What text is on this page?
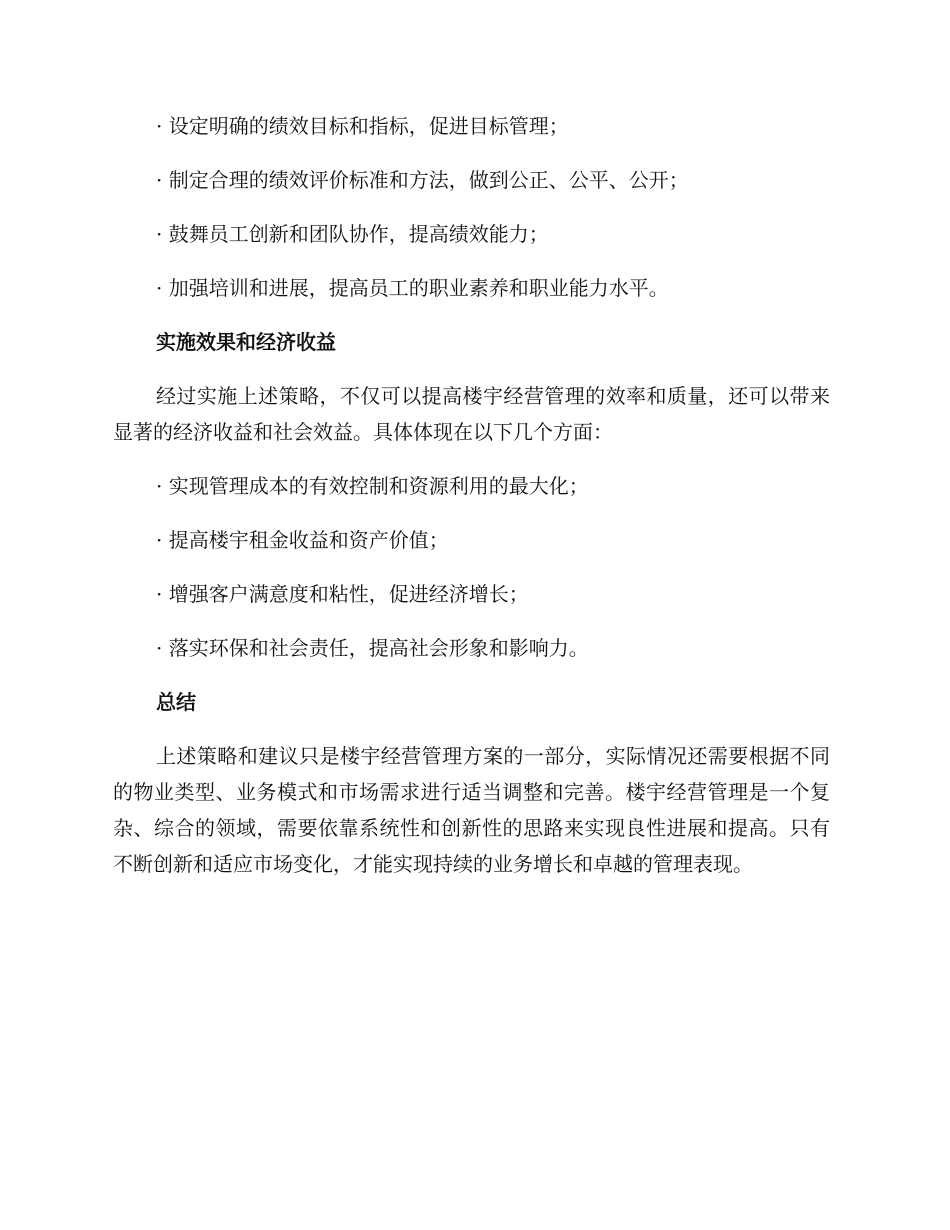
· 设定明确的绩效目标和指标，促进目标管理；
· 制定合理的绩效评价标准和方法，做到公正、公平、公开；
· 鼓舞员工创新和团队协作，提高绩效能力；
· 加强培训和进展，提高员工的职业素养和职业能力水平。
实施效果和经济收益
经过实施上述策略，不仅可以提高楼宇经营管理的效率和质量，还可以带来显著的经济收益和社会效益。具体体现在以下几个方面：
· 实现管理成本的有效控制和资源利用的最大化；
· 提高楼宇租金收益和资产价值；
· 增强客户满意度和粘性，促进经济增长；
· 落实环保和社会责任，提高社会形象和影响力。
总结
上述策略和建议只是楼宇经营管理方案的一部分，实际情况还需要根据不同的物业类型、业务模式和市场需求进行适当调整和完善。楼宇经营管理是一个复杂、综合的领域，需要依靠系统性和创新性的思路来实现良性进展和提高。只有不断创新和适应市场变化，才能实现持续的业务增长和卓越的管理表现。
